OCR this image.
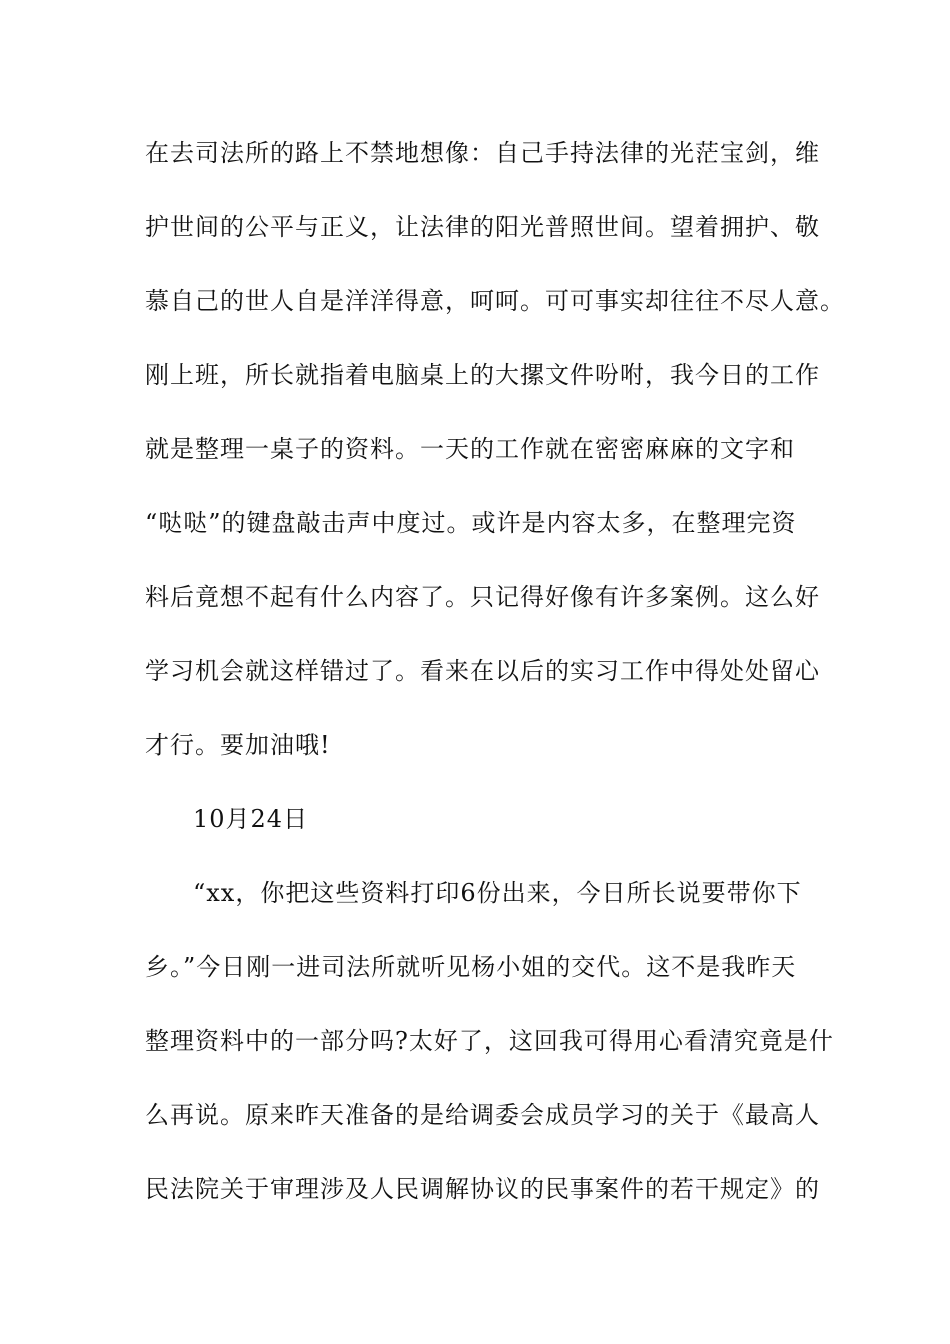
在去司法所的路上不禁地想像：自己手持法律的光茫宝剑，维
护世间的公平与正义，让法律的阳光普照世间。望着拥护、敬
慕自己的世人自是洋洋得意，呵呵。可可事实却往往不尽人意。
刚上班，所长就指着电脑桌上的大摞文件吩咐，我今日的工作
就是整理一桌子的资料。一天的工作就在密密麻麻的文字和
“哒哒”的键盘敲击声中度过。或许是内容太多，在整理完资
料后竟想不起有什么内容了。只记得好像有许多案例。这么好
学习机会就这样错过了。看来在以后的实习工作中得处处留心
才行。要加油哦!
10月24日
“xx，你把这些资料打印6份出来，今日所长说要带你下
乡。”今日刚一进司法所就听见杨小姐的交代。这不是我昨天
整理资料中的一部分吗?太好了，这回我可得用心看清究竟是什
么再说。原来昨天准备的是给调委会成员学习的关于《最高人
民法院关于审理涉及人民调解协议的民事案件的若干规定》的
